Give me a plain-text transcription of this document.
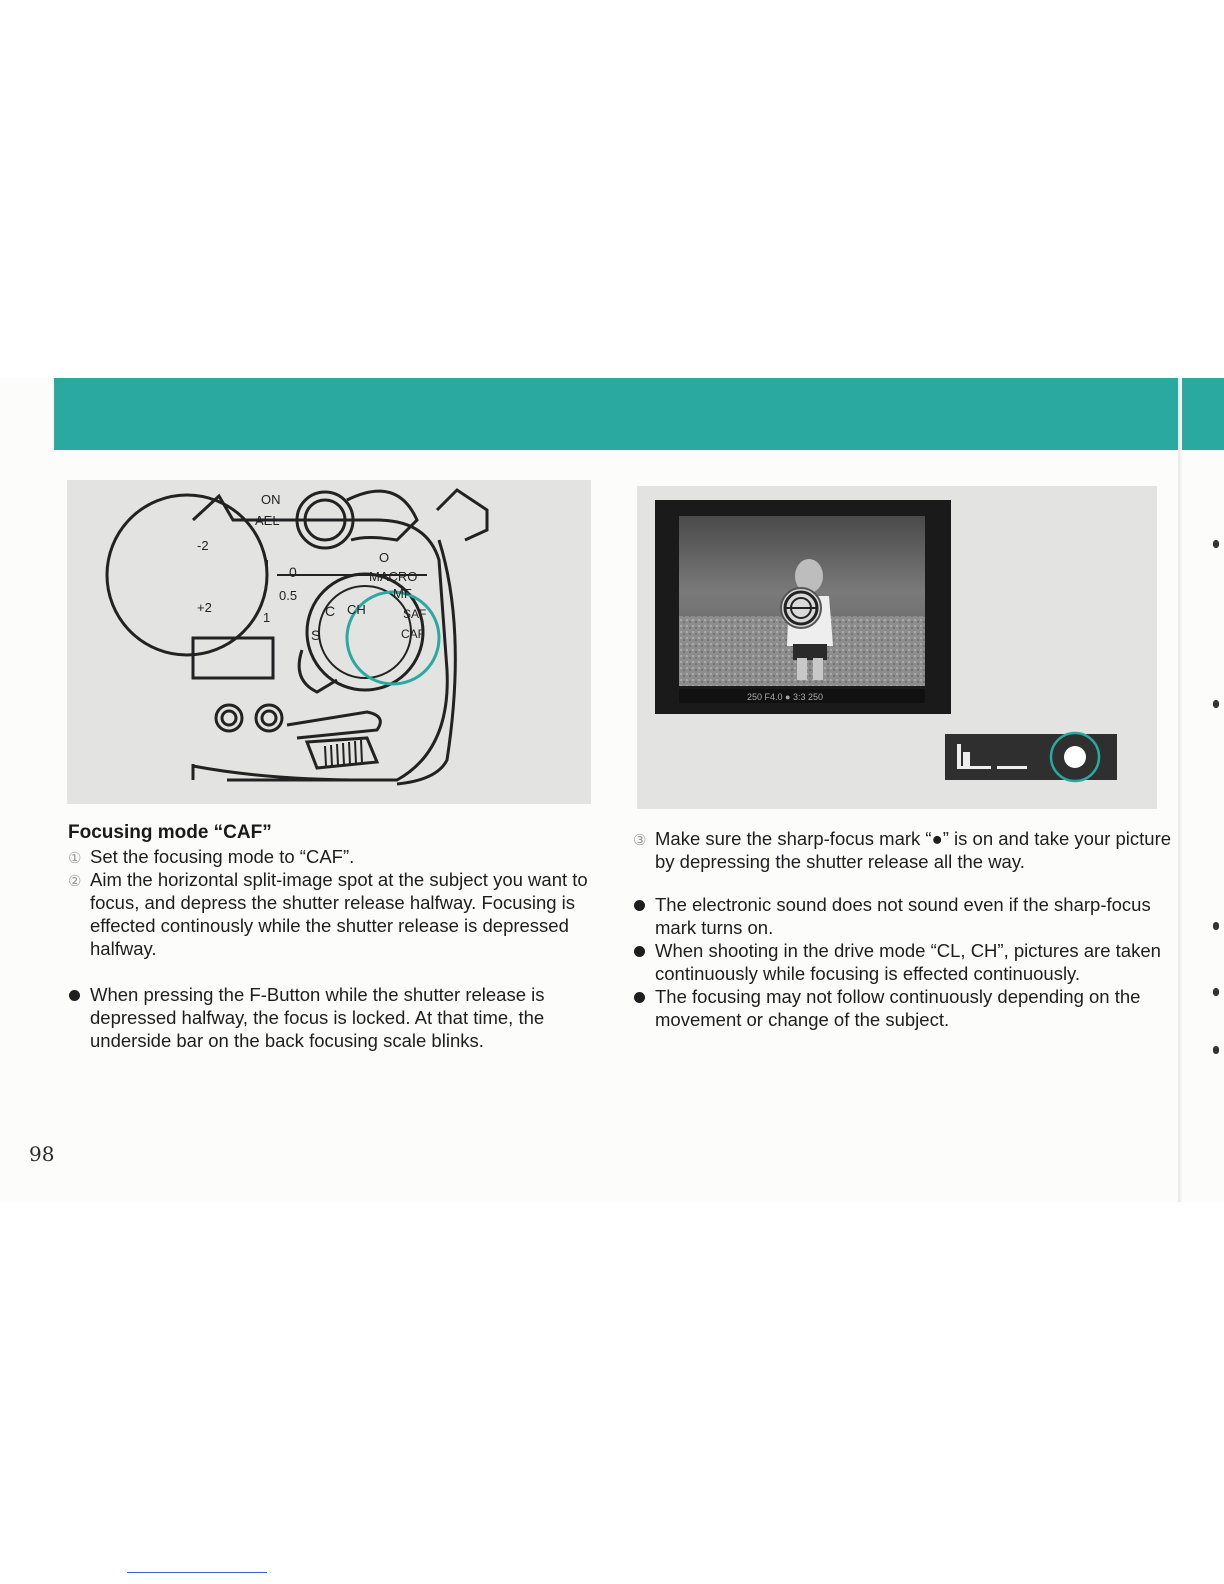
ON
AEL
0
0.5
1
O
MACRO
MF
SAF
CAF
S
C CH
-2
+2
250 F4.0 ● 3:3 250
Focusing mode “CAF”

① Set the focusing mode to “CAF”.

② Aim the horizontal split-image spot at the subject you want to focus, and depress the shutter release halfway. Focusing is effected continously while the shutter release is depressed halfway.

When pressing the F-Button while the shutter release is depressed halfway, the focus is locked. At that time, the underside bar on the back focusing scale blinks.

③ Make sure the sharp-focus mark “●” is on and take your picture by depressing the shutter release all the way.

The electronic sound does not sound even if the sharp-focus mark turns on.

When shooting in the drive mode “CL, CH”, pictures are taken continuously while focusing is effected continuously.

The focusing may not follow continuously depending on the movement or change of the subject.

98
